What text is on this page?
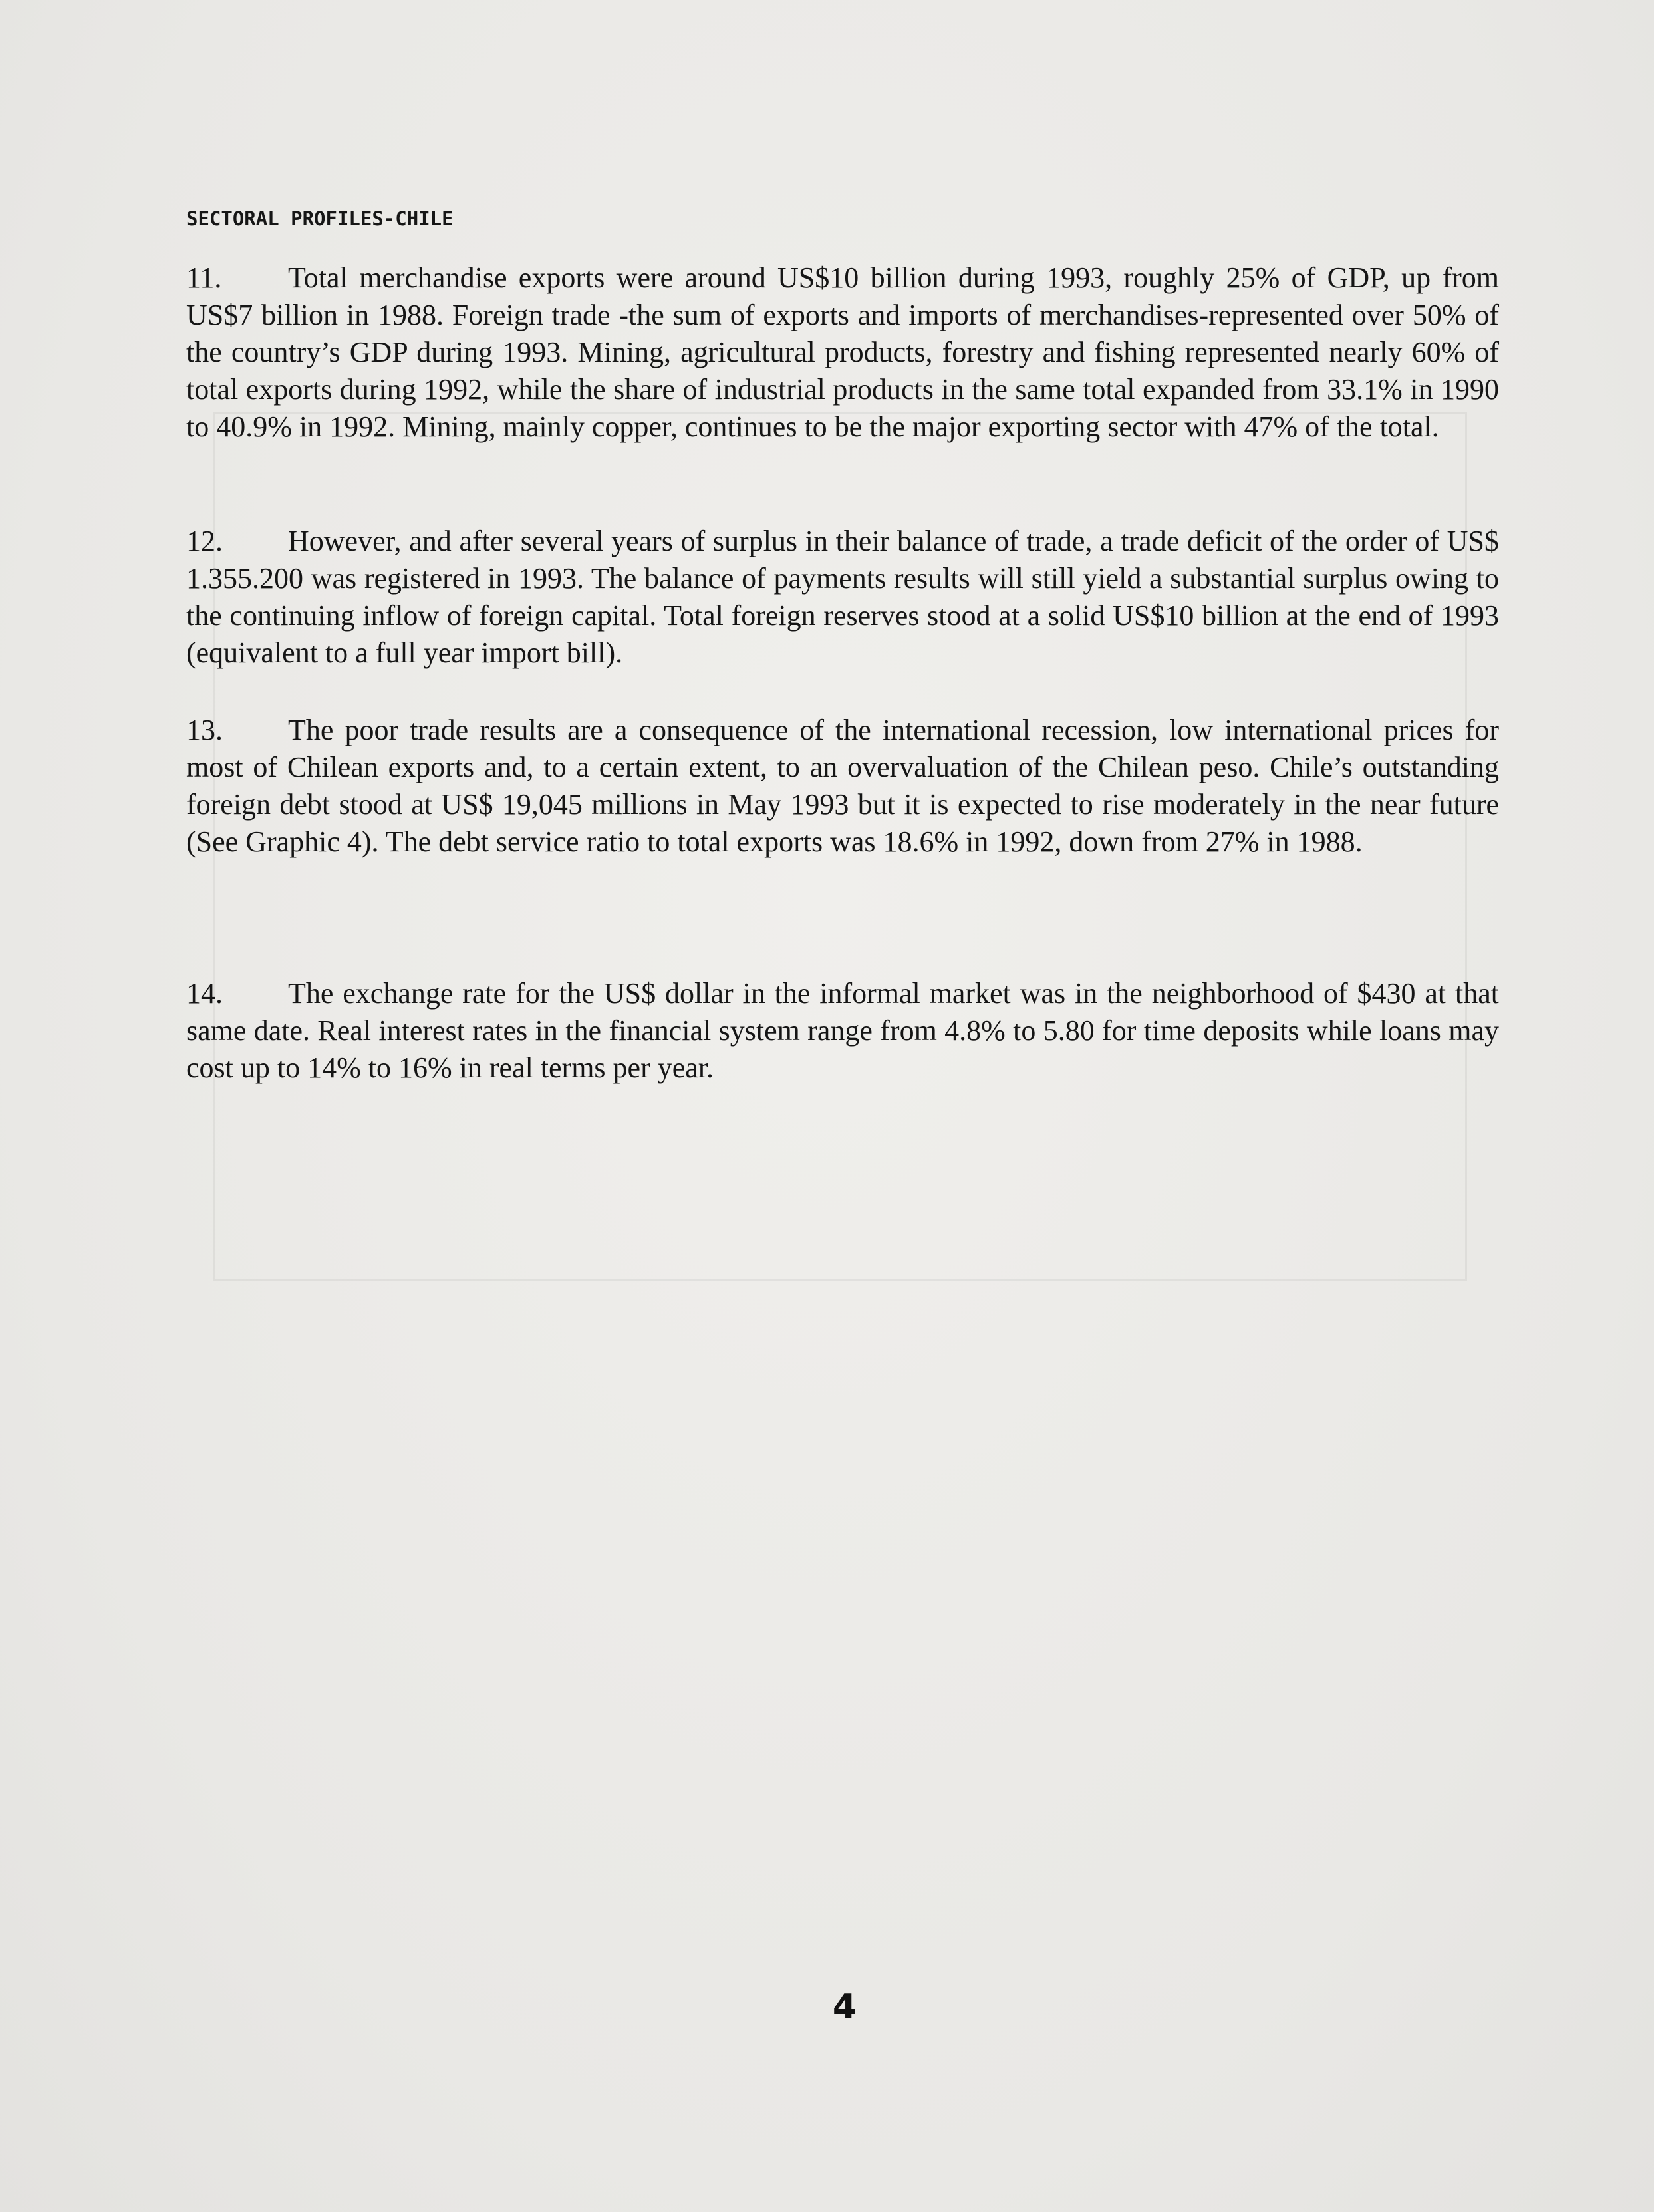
SECTORAL PROFILES-CHILE
11. Total merchandise exports were around US$10 billion during 1993, roughly 25% of GDP, up from US$7 billion in 1988. Foreign trade -the sum of exports and imports of merchandises-represented over 50% of the country’s GDP during 1993. Mining, agricultural products, forestry and fishing represented nearly 60% of total exports during 1992, while the share of industrial products in the same total expanded from 33.1% in 1990 to 40.9% in 1992. Mining, mainly copper, continues to be the major exporting sector with 47% of the total.
12. However, and after several years of surplus in their balance of trade, a trade deficit of the order of US$ 1.355.200 was registered in 1993. The balance of payments results will still yield a substantial surplus owing to the continuing inflow of foreign capital. Total foreign reserves stood at a solid US$10 billion at the end of 1993 (equivalent to a full year import bill).
13. The poor trade results are a consequence of the international recession, low international prices for most of Chilean exports and, to a certain extent, to an overvaluation of the Chilean peso. Chile’s outstanding foreign debt stood at US$ 19,045 millions in May 1993 but it is expected to rise moderately in the near future (See Graphic 4). The debt service ratio to total exports was 18.6% in 1992, down from 27% in 1988.
14. The exchange rate for the US$ dollar in the informal market was in the neighborhood of $430 at that same date. Real interest rates in the financial system range from 4.8% to 5.80 for time deposits while loans may cost up to 14% to 16% in real terms per year.
4
